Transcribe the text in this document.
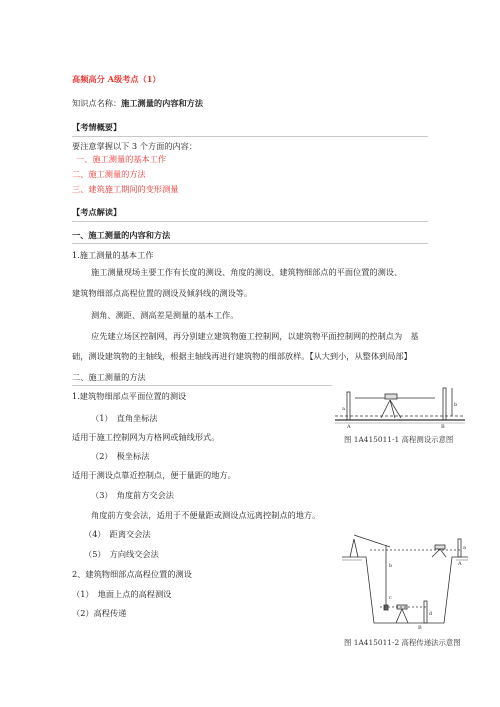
高频高分 A级考点（1）
知识点名称：施工测量的内容和方法
【考情概要】
要注意掌握以下 3 个方面的内容：
一、施工测量的基本工作
二、施工测量的方法
三、建筑施工期间的变形测量
【考点解读】
一、施工测量的内容和方法
1.施工测量的基本工作
施工测量现场主要工作有长度的测设、角度的测设、建筑物细部点的平面位置的测设、
建筑物细部点高程位置的测设及倾斜线的测设等。
测角、测距、测高差是测量的基本工作。
应先建立场区控制网，再分别建立建筑物施工控制网，以建筑物平面控制网的控制点为　基
础，测设建筑物的主轴线，根据主轴线再进行建筑物的细部放样。【从大到小，从整体到局部】
二、施工测量的方法
1.建筑物细部点平面位置的测设
（1）　直角坐标法
适用于施工控制网为方格网或轴线形式。
（2）　极坐标法
适用于测设点靠近控制点，便于量距的地方。
（3）　角度前方交会法
角度前方变会法，适用于不便量距或测设点远离控制点的地方。
（4）　距离交会法
（5）　方向线交会法
2、建筑物细部点高程位置的测设
（1）　地面上点的高程测设
（2）高程传递
a
b
A	B
图 1A415011-1 高程测设示意图
a
b
c
d
A
B
图 1A415011-2 高程传递法示意图
